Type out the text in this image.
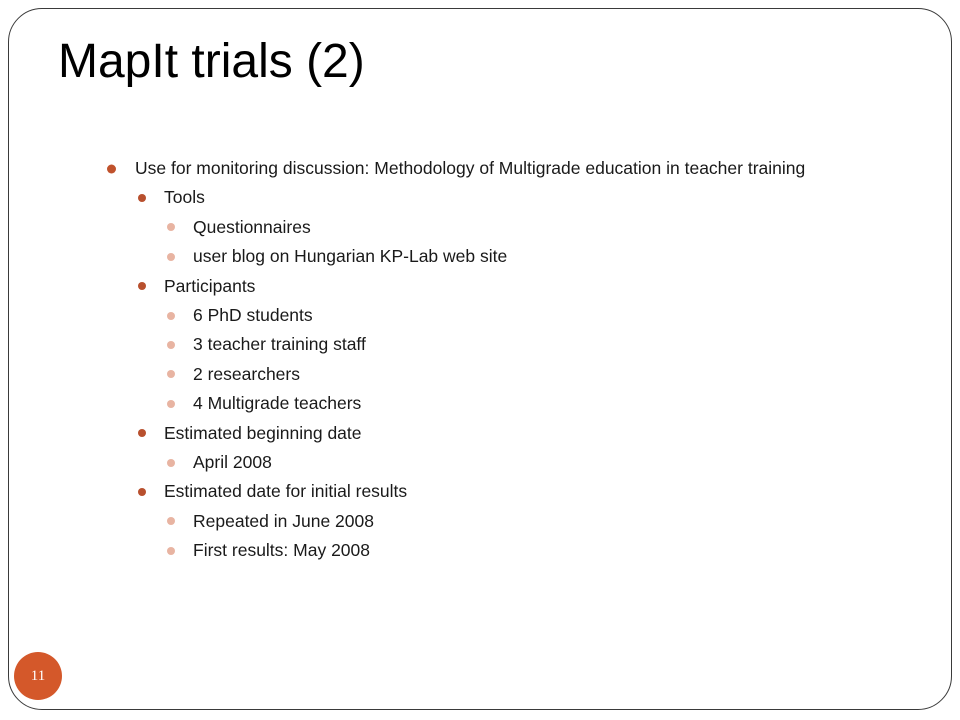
MapIt trials (2)
Use for monitoring discussion: Methodology of Multigrade education in teacher training
Tools
Questionnaires
user blog on Hungarian KP-Lab web site
Participants
6 PhD students
3 teacher training staff
2 researchers
4 Multigrade teachers
Estimated beginning date
April 2008
Estimated date for initial results
Repeated in June 2008
First results: May 2008
11
